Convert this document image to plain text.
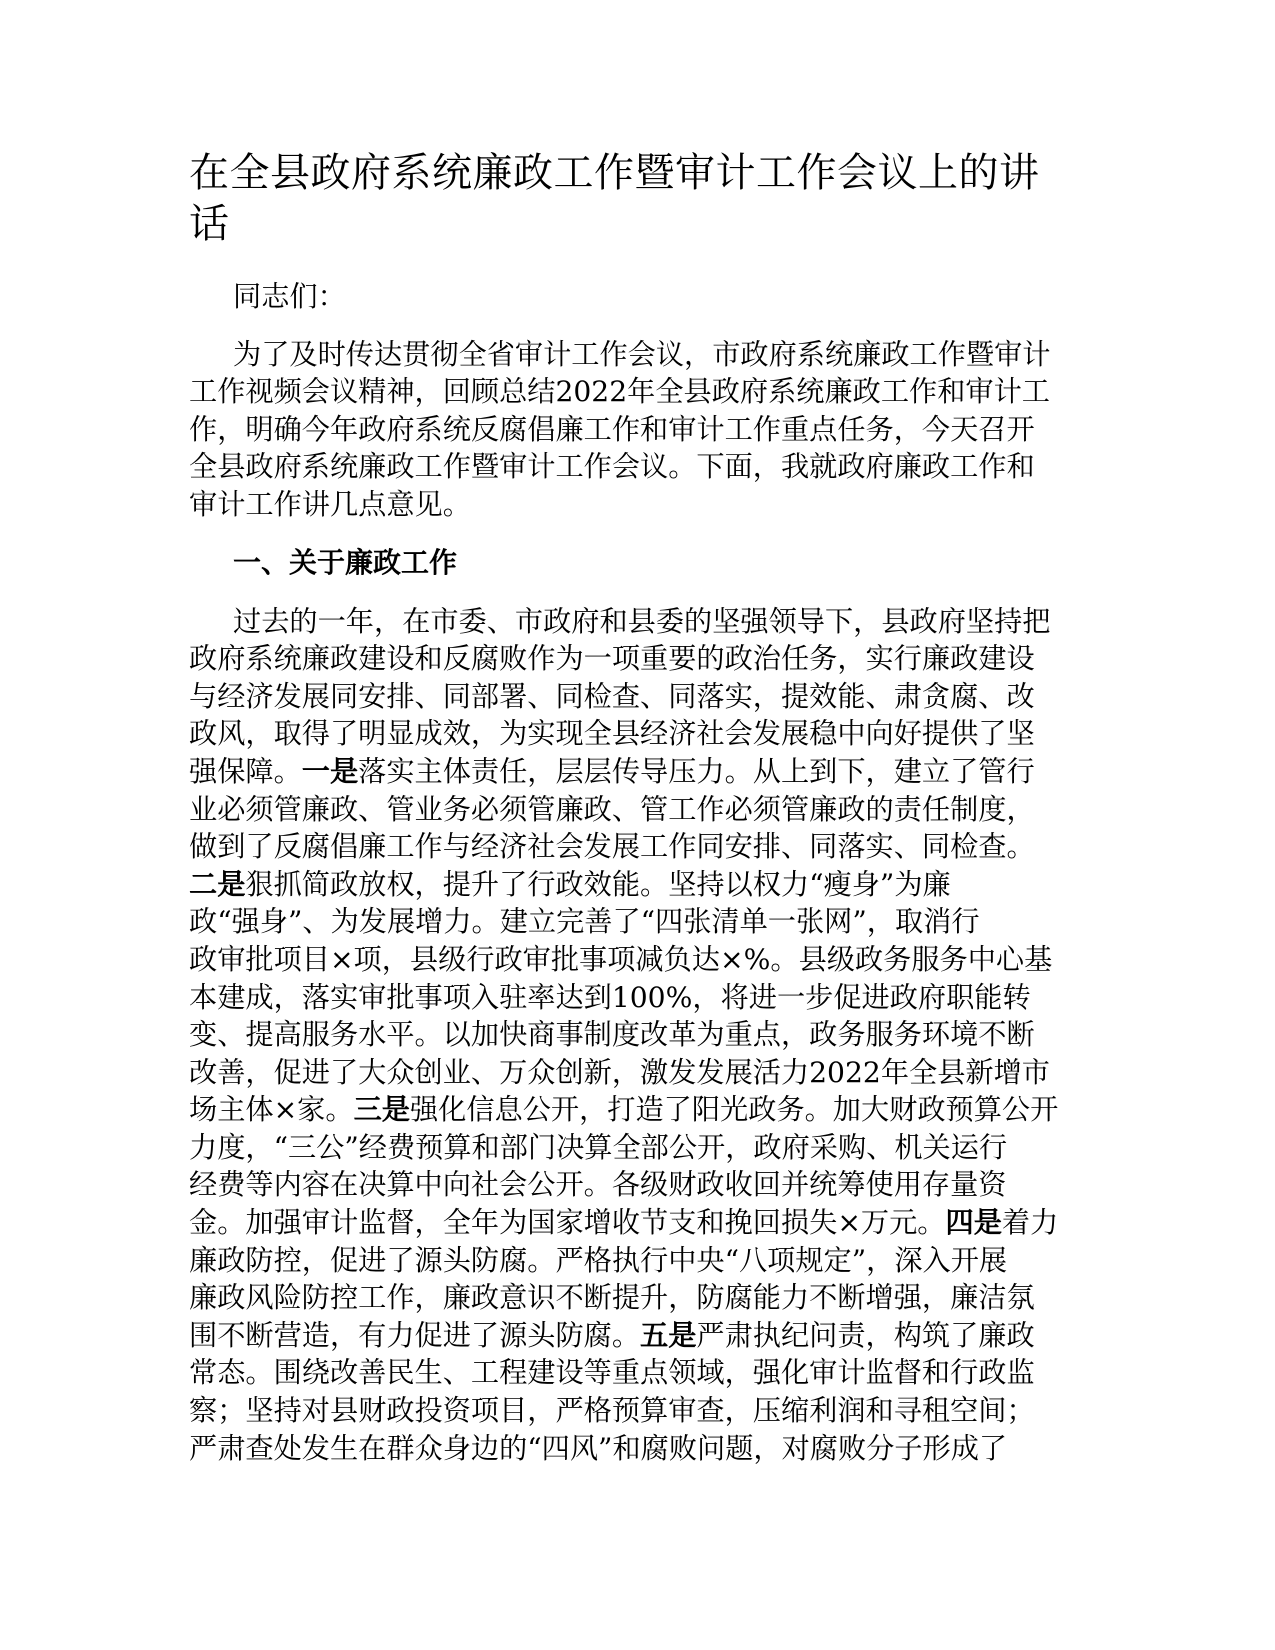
在全县政府系统廉政工作暨审计工作会议上的讲
话

同志们：

为了及时传达贯彻全省审计工作会议，市政府系统廉政工作暨审计
工作视频会议精神，回顾总结2022年全县政府系统廉政工作和审计工
作，明确今年政府系统反腐倡廉工作和审计工作重点任务，今天召开
全县政府系统廉政工作暨审计工作会议。下面，我就政府廉政工作和
审计工作讲几点意见。

一、关于廉政工作

过去的一年，在市委、市政府和县委的坚强领导下，县政府坚持把
政府系统廉政建设和反腐败作为一项重要的政治任务，实行廉政建设
与经济发展同安排、同部署、同检查、同落实，提效能、肃贪腐、改
政风，取得了明显成效，为实现全县经济社会发展稳中向好提供了坚
强保障。一是落实主体责任，层层传导压力。从上到下，建立了管行
业必须管廉政、管业务必须管廉政、管工作必须管廉政的责任制度，
做到了反腐倡廉工作与经济社会发展工作同安排、同落实、同检查。
二是狠抓简政放权，提升了行政效能。坚持以权力“瘦身”为廉
政“强身”、为发展增力。建立完善了“四张清单一张网”，取消行
政审批项目×项，县级行政审批事项减负达×%。县级政务服务中心基
本建成，落实审批事项入驻率达到100%，将进一步促进政府职能转
变、提高服务水平。以加快商事制度改革为重点，政务服务环境不断
改善，促进了大众创业、万众创新，激发发展活力2022年全县新增市
场主体×家。三是强化信息公开，打造了阳光政务。加大财政预算公开
力度，“三公”经费预算和部门决算全部公开，政府采购、机关运行
经费等内容在决算中向社会公开。各级财政收回并统筹使用存量资
金。加强审计监督，全年为国家增收节支和挽回损失×万元。四是着力
廉政防控，促进了源头防腐。严格执行中央“八项规定”，深入开展
廉政风险防控工作，廉政意识不断提升，防腐能力不断增强，廉洁氛
围不断营造，有力促进了源头防腐。五是严肃执纪问责，构筑了廉政
常态。围绕改善民生、工程建设等重点领域，强化审计监督和行政监
察；坚持对县财政投资项目，严格预算审查，压缩利润和寻租空间；
严肃查处发生在群众身边的“四风”和腐败问题，对腐败分子形成了
